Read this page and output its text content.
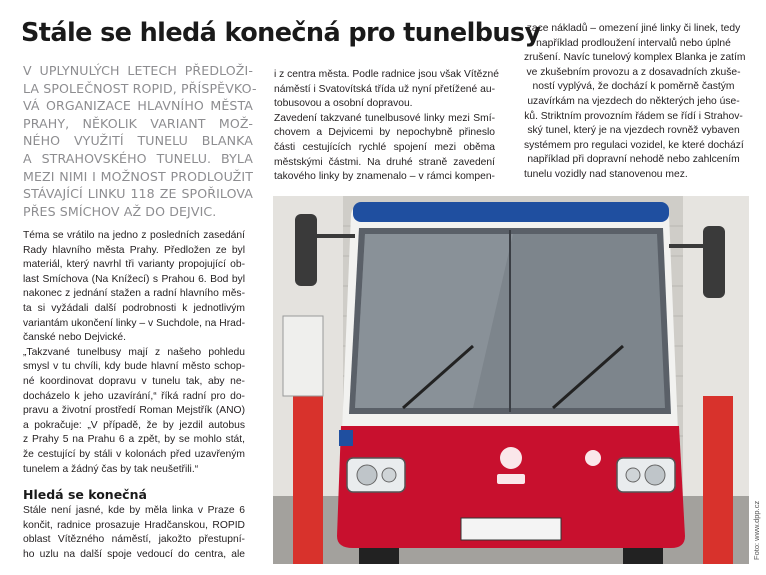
Stále se hledá konečná pro tunelbusy
V UPLYNULÝCH LETECH PŘEDLOŽI-
LA SPOLEČNOST ROPID, PŘÍSPĚVKO-
VÁ ORGANIZACE HLAVNÍHO MĚSTA
PRAHY, NĚKOLIK VARIANT MOŽ-
NÉHO VYUŽITÍ TUNELU BLANKA
A STRAHOVSKÉHO TUNELU. BYLA
MEZI NIMI I MOŽNOST PRODLOUŽIT
STÁVAJÍCÍ LINKU 118 ZE SPOŘILOVA
PŘES SMÍCHOV AŽ DO DEJVIC.

Téma se vrátilo na jedno z posledních zasedání
Rady hlavního města Prahy. Předložen ze byl
materiál, který navrhl tři varianty propojující ob-
last Smíchova (Na Knížecí) s Prahou 6. Bod byl
nakonec z jednání stažen a radní hlavního měs-
ta si vyžádali další podrobnosti k jednotlivým
variantám ukončení linky – v Suchdole, na Hrad-
čanské nebo Dejvické.

„Takzvané tunelbusy mají z našeho pohledu
smysl v tu chvíli, kdy bude hlavní město schop-
né koordinovat dopravu v tunelu tak, aby ne-
docházelo k jeho uzavírání,“ říká radní pro do-
pravu a životní prostředí Roman Mejstřík (ANO)
a pokračuje: „V případě, že by jezdil autobus
z Prahy 5 na Prahu 6 a zpět, by se mohlo stát,
že cestující by stáli v kolonách před uzavřeným
tunelem a žádný čas by tak neušetřili.“

Hledá se konečná

Stále není jasné, kde by měla linka v Praze 6
končit, radnice prosazuje Hradčanskou, ROPID
oblast Vítězného náměstí, jakožto přestupní-
ho uzlu na další spoje vedoucí do centra, ale

i z centra města. Podle radnice jsou však Vítězné
náměstí i Svatovítská třída už nyní přetížené au-
tobusovou a osobní dopravou.

Zavedení takzvané tunelbusové linky mezi Smí-
chovem a Dejvicemi by nepochybně přineslo
části cestujících rychlé spojení mezi oběma
městskými částmi. Na druhé straně zavedení
takového linky by znamenalo – v rámci kompen-

zace nákladů – omezení jiné linky či linek, tedy
například prodloužení intervalů nebo úplné
zrušení. Navíc tunelový komplex Blanka je zatím
ve zkušebním provozu a z dosavadních zkuše-
ností vyplývá, že dochází k poměrně častým
uzavírkám na vjezdech do některých jeho úse-
ků. Striktním provozním řádem se řídí i Strahov-
ský tunel, který je na vjezdech rovněž vybaven
systémem pro regulaci vozidel, ke které dochází
například při dopravní nehodě nebo zahlcením
tunelu vozidly nad stanovenou mez.

Foto: www.dpp.cz
